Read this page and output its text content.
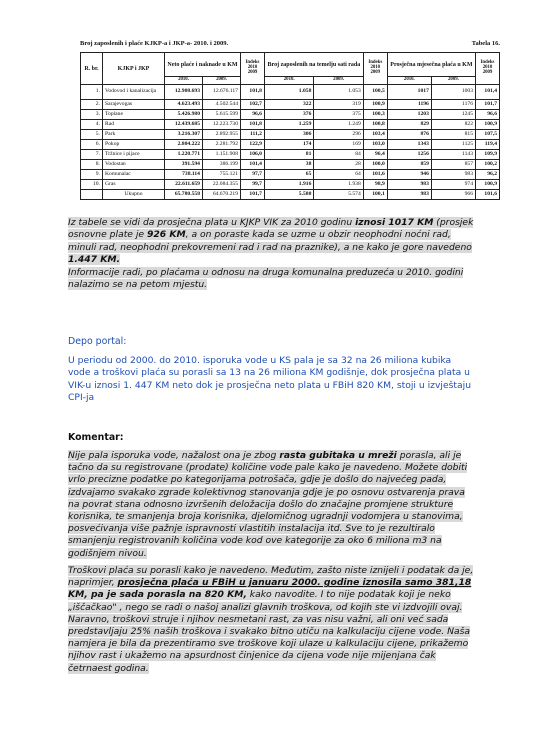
Broj zaposlenih i plaće KJKP-a i JKP-a- 2010. i 2009.	Tabela 16.
R. br.	KJKP i JKP	Neto plaće i naknade u KM		Indeks 2010 2009	Broj zaposlenih na temelju sati rada		Indeks 2010 2009	Prosječna mjesečna plaća u KM		Indeks 2010 2009
		2010.	2009.		2010.	2009.		2010.	2009.	
1.	Vodovod i kanalizacija	12.908.693	12.676.117	101,8	1.058	1.053	100,5	1017	1003	101,4
2.	Sarajevogas	4.623.493	4.502.544	102,7	322	319	100,9	1196	1176	101,7
3.	Toplane	5.426.980	5.615.599	96,6	376	375	100,3	1203	1245	96,6
4.	Rad	12.439.685	12.223.730	101,8	1.259	1.249	100,8	829	822	100,9
5.	Park	3.216.307	2.892.955	111,2	306	296	103,4	876	815	107,5
6.	Pokop	2.804.222	2.281.792	122,9	174	169	103,0	1343	1125	119,4
7.	Tržnice i pijace	1.220.771	1.151.908	106,0	81	84	96,4	1256	1143	109,9
8.	Vodostan	391.594	386.199	101,4	38	28	100,0	859	857	100,2
9.	Komunalac	738.114	755.121	97,7	65	64	101,6	946	983	96,2
10.	Gras	22.611.659	22.084.355	99,7	1.916	1.938	98,9	983	974	100,9
	Ukupno	65.780.558	64.670.219	101,7	5.580	5.574	100,1	983	966	101,6
Iz tabele se vidi da prosječna plata u KJKP VIK za 2010 godinu iznosi 1017 KM (prosjek
osnovne plate je 926 KM, a on poraste kada se uzme u obzir neophodni noćni rad,
minuli rad, neophodni prekovremeni rad i rad na praznike), a ne kako je gore navedeno
1.447 KM.
Informacije radi, po plaćama u odnosu na druga komunalna preduzeća u 2010. godini
nalazimo se na petom mjestu.
Depo portal:
U periodu od 2000. do 2010. isporuka vode u KS pala je sa 32 na 26 miliona kubika
vode a troškovi plaća su porasli sa 13 na 26 miliona KM godišnje, dok prosječna plata u
VIK-u iznosi 1. 447 KM neto dok je prosječna neto plata u FBiH 820 KM, stoji u izvještaju
CPI-ja
Komentar:
Nije pala isporuka vode, nažalost ona je zbog rasta gubitaka u mreži porasla, ali je
tačno da su registrovane (prodate) količine vode pale kako je navedeno. Možete dobiti
vrlo precizne podatke po kategorijama potrošača, gdje je došlo do najvećeg pada,
izdvajamo svakako zgrade kolektivnog stanovanja gdje je po osnovu ostvarenja prava
na povrat stana odnosno izvršenih deložacija došlo do značajne promjene strukture
korisnika, te smanjenja broja korisnika, djelomičnog ugradnji vodomjera u stanovima,
posvećivanja više pažnje ispravnosti vlastitih instalacija itd. Sve to je rezultiralo
smanjenju registrovanih količina vode kod ove kategorije za oko 6 miliona m3 na
godišnjem nivou.
Troškovi plaća su porasli kako je navedeno. Međutim, zašto niste iznijeli i podatak da je,
naprimjer, prosječna plaća u FBiH u januaru 2000. godine iznosila samo 381,18
KM, pa je sada porasla na 820 KM, kako navodite. I to nije podatak koji je neko
„iščačkao" , nego se radi o našoj analizi glavnih troškova, od kojih ste vi izdvojili ovaj.
Naravno, troškovi struje i njihov nesmetani rast, za vas nisu važni, ali oni već sada
predstavljaju 25% naših troškova i svakako bitno utiču na kalkulaciju cijene vode. Naša
namjera je bila da prezentiramo sve troškove koji ulaze u kalkulaciju cijene, prikažemo
njihov rast i ukažemo na apsurdnost činjenice da cijena vode nije mijenjana čak
četrnaest godina.
